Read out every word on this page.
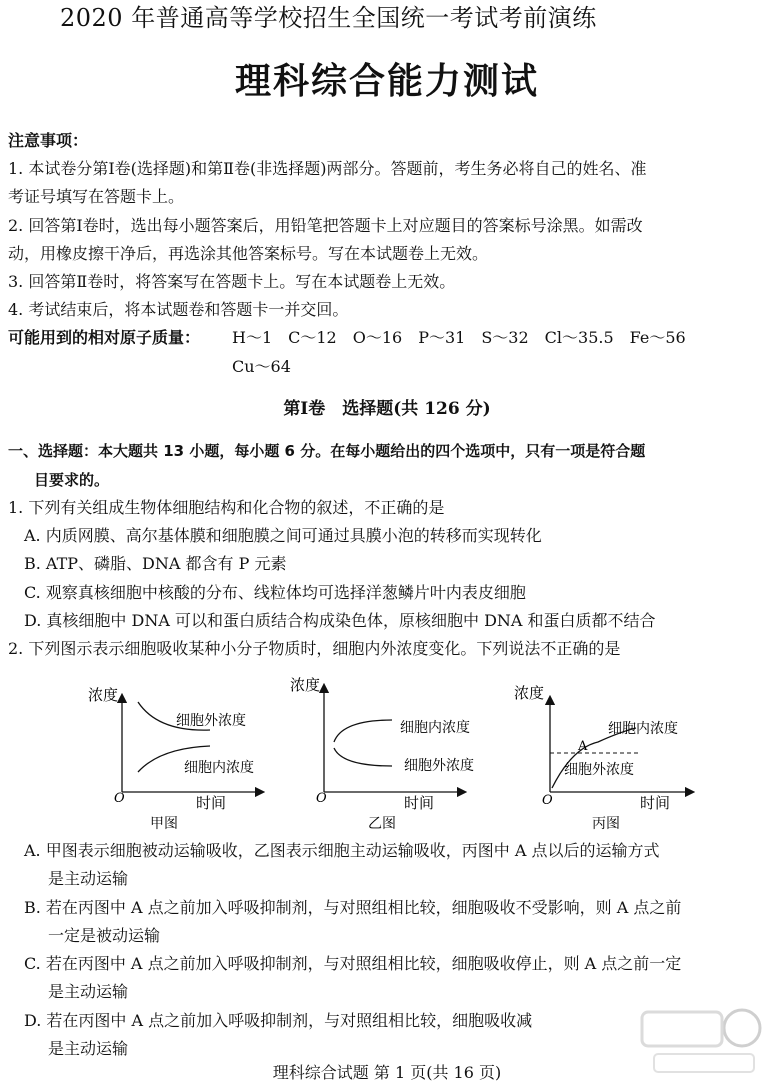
2020 年普通高等学校招生全国统一考试考前演练
理科综合能力测试
注意事项：
1. 本试卷分第Ⅰ卷(选择题)和第Ⅱ卷(非选择题)两部分。答题前，考生务必将自己的姓名、准
考证号填写在答题卡上。
2. 回答第Ⅰ卷时，选出每小题答案后，用铅笔把答题卡上对应题目的答案标号涂黑。如需改
动，用橡皮擦干净后，再选涂其他答案标号。写在本试题卷上无效。
3. 回答第Ⅱ卷时，将答案写在答题卡上。写在本试题卷上无效。
4. 考试结束后，将本试题卷和答题卡一并交回。
可能用到的相对原子质量： H～1　C～12　O～16　P～31　S～32　Cl～35.5　Fe～56
Cu～64
第Ⅰ卷　选择题(共 126 分)
一、选择题：本大题共 13 小题，每小题 6 分。在每小题给出的四个选项中，只有一项是符合题
目要求的。
1. 下列有关组成生物体细胞结构和化合物的叙述，不正确的是
A. 内质网膜、高尔基体膜和细胞膜之间可通过具膜小泡的转移而实现转化
B. ATP、磷脂、DNA 都含有 P 元素
C. 观察真核细胞中核酸的分布、线粒体均可选择洋葱鳞片叶内表皮细胞
D. 真核细胞中 DNA 可以和蛋白质结合构成染色体，原核细胞中 DNA 和蛋白质都不结合
2. 下列图示表示细胞吸收某种小分子物质时，细胞内外浓度变化。下列说法不正确的是
浓度
细胞外浓度
细胞内浓度
O	时间
甲图
浓度
细胞内浓度
细胞外浓度
O	时间
乙图
浓度
A
细胞内浓度
细胞外浓度
O	时间
丙图
A. 甲图表示细胞被动运输吸收，乙图表示细胞主动运输吸收，丙图中 A 点以后的运输方式
是主动运输
B. 若在丙图中 A 点之前加入呼吸抑制剂，与对照组相比较，细胞吸收不受影响，则 A 点之前
一定是被动运输
C. 若在丙图中 A 点之前加入呼吸抑制剂，与对照组相比较，细胞吸收停止，则 A 点之前一定
是主动运输
D. 若在丙图中 A 点之前加入呼吸抑制剂，与对照组相比较，细胞吸收减
是主动运输
理科综合试题 第 1 页(共 16 页)
